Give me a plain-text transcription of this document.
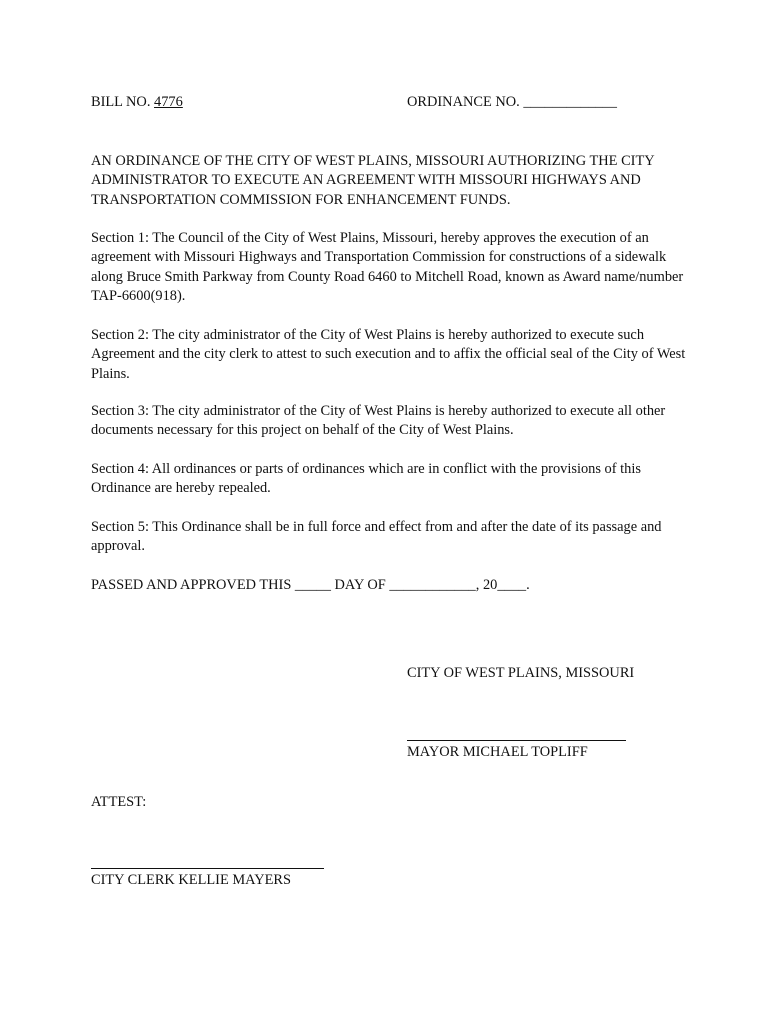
BILL NO. 4776	ORDINANCE NO. _____________
AN ORDINANCE OF THE CITY OF WEST PLAINS, MISSOURI AUTHORIZING THE CITY ADMINISTRATOR TO EXECUTE AN AGREEMENT WITH MISSOURI HIGHWAYS AND TRANSPORTATION COMMISSION FOR ENHANCEMENT FUNDS.
Section 1: The Council of the City of West Plains, Missouri, hereby approves the execution of an agreement with Missouri Highways and Transportation Commission for constructions of a sidewalk along Bruce Smith Parkway from County Road 6460 to Mitchell Road, known as Award name/number TAP-6600(918).
Section 2: The city administrator of the City of West Plains is hereby authorized to execute such Agreement and the city clerk to attest to such execution and to affix the official seal of the City of West Plains.
Section 3: The city administrator of the City of West Plains is hereby authorized to execute all other documents necessary for this project on behalf of the City of West Plains.
Section 4: All ordinances or parts of ordinances which are in conflict with the provisions of this Ordinance are hereby repealed.
Section 5: This Ordinance shall be in full force and effect from and after the date of its passage and approval.
PASSED AND APPROVED THIS _____ DAY OF ____________, 20____.
CITY OF WEST PLAINS, MISSOURI
MAYOR MICHAEL TOPLIFF
ATTEST:
CITY CLERK KELLIE MAYERS
